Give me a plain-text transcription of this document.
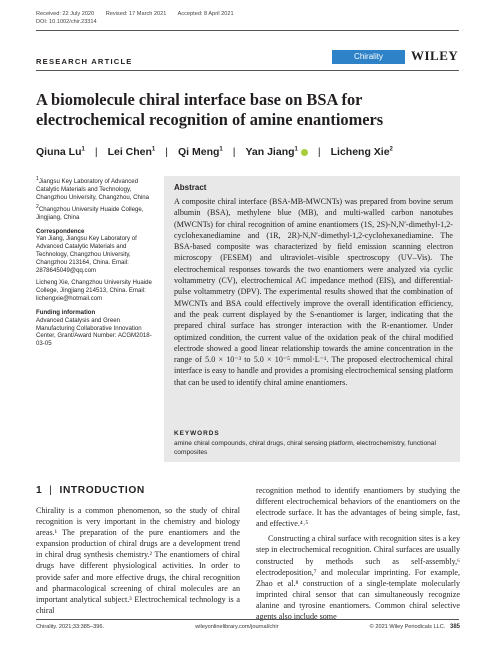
Received: 22 July 2020 Revised: 17 March 2021 Accepted: 8 April 2021
DOI: 10.1002/chir.23314
RESEARCH ARTICLE
Chirality	WILEY
A biomolecule chiral interface base on BSA for electrochemical recognition of amine enantiomers
Qiuna Lu$^1$ | Lei Chen$^1$ | Qi Meng$^1$ | Yan Jiang$^1$	| Licheng Xie$^2$

$^1$Jiangsu Key Laboratory of Advanced Catalytic Materials and Technology, Changzhou University, Changzhou, China

$^2$Changzhou University Huaide College, Jingjiang, China

Correspondence

Yan Jiang, Jiangsu Key Laboratory of Advanced Catalytic Materials and Technology, Changzhou University, Changzhou 213164, China. Email: 2878645049@qq.com

Licheng Xie, Changzhou University Huaide College, Jingjiang 214513, China. Email: lichengxie@hotmail.com

Funding information

Advanced Catalysis and Green Manufacturing Collaborative Innovation Center, Grant/Award Number: ACGM2018-03-05

Abstract
A composite chiral interface (BSA-MB-MWCNTs) was prepared from bovine serum albumin (BSA), methylene blue (MB), and multi-walled carbon nanotubes (MWCNTs) for chiral recognition of amine enantiomers (1S, 2S)-N,N′-dimethyl-1,2-cyclohexanediamine and (1R, 2R)-N,N′-dimethyl-1,2-cyclohexanediamine. The BSA-based composite was characterized by field emission scanning electron microscopy (FESEM) and ultraviolet–visible spectroscopy (UV–Vis). The electrochemical responses towards the two enantiomers were analyzed via cyclic voltammetry (CV), electrochemical AC impedance method (EIS), and differential-pulse voltammetry (DPV). The experimental results showed that the combination of MWCNTs and BSA could effectively improve the overall identification efficiency, and the peak current displayed by the S-enantiomer is larger, indicating that the prepared chiral surface has stronger interaction with the R-enantiomer. Under optimized condition, the current value of the oxidation peak of the chiral modified electrode showed a good linear relationship towards the amine concentration in the range of 5.0 × 10⁻³ to 5.0 × 10⁻⁵ mmol·L⁻¹. The proposed electrochemical chiral interface is easy to handle and provides a promising electrochemical sensing platform that can be used to identify chiral amine enantiomers.
KEYWORDS
amine chiral compounds, chiral drugs, chiral sensing platform, electrochemistry, functional composites
1 | INTRODUCTION

Chirality is a common phenomenon, so the study of chiral recognition is very important in the chemistry and biology areas.¹ The preparation of the pure enantiomers and the expansion production of chiral drugs are a development trend in chiral drug synthesis chemistry.² The enantiomers of chiral drugs have different physiological activities. In order to provide safer and more effective drugs, the chiral recognition and pharmacological screening of chiral molecules are an important analytical subject.³ Electrochemical technology is a chiral

recognition method to identify enantiomers by studying the different electrochemical behaviors of the enantiomers on the electrode surface. It has the advantages of being simple, fast, and effective.⁴˒⁵

Constructing a chiral surface with recognition sites is a key step in electrochemical recognition. Chiral surfaces are usually constructed by methods such as self-assembly,⁶ electrodeposition,⁷ and molecular imprinting. For example, Zhao et al.⁸ construction of a single-template molecularly imprinted chiral sensor that can simultaneously recognize alanine and tyrosine enantiomers. Common chiral selective agents also include some

Chirality. 2021;33:385–396.	wileyonlinelibrary.com/journal/chir	© 2021 Wiley Periodicals LLC. 385
